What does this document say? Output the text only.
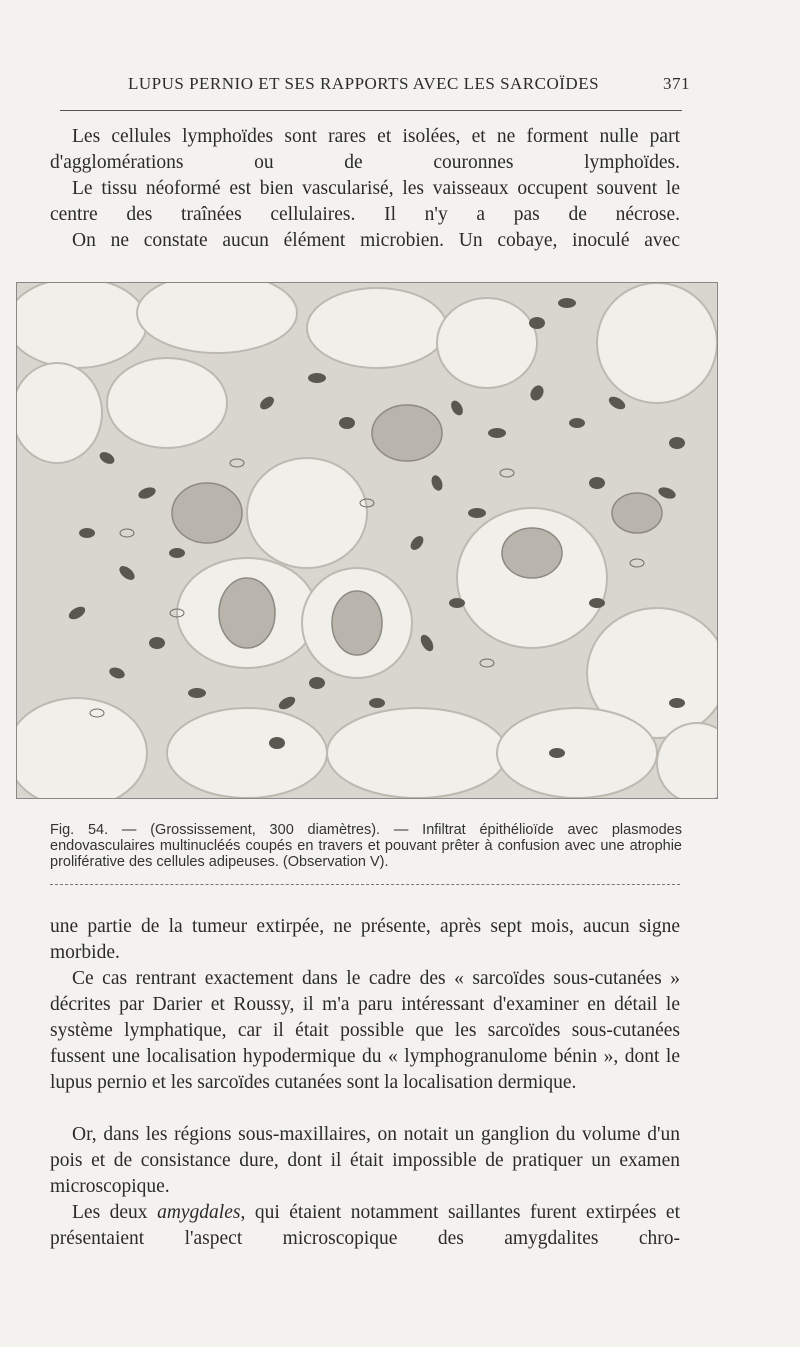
LUPUS PERNIO ET SES RAPPORTS AVEC LES SARCOÏDES	371

Les cellules lymphoïdes sont rares et isolées, et ne forment nulle part d'agglomérations ou de couronnes lymphoïdes.

Le tissu néoformé est bien vascularisé, les vaisseaux occupent souvent le centre des traînées cellulaires. Il n'y a pas de nécrose.

On ne constate aucun élément microbien. Un cobaye, inoculé avec

Fig. 54. — (Grossissement, 300 diamètres). — Infiltrat épithélioïde avec plasmodes endovasculaires multinucléés coupés en travers et pouvant prêter à confusion avec une atrophie proliférative des cellules adipeuses. (Observation V).

une partie de la tumeur extirpée, ne présente, après sept mois, aucun signe morbide.

Ce cas rentrant exactement dans le cadre des « sarcoïdes sous-cutanées » décrites par Darier et Roussy, il m'a paru intéressant d'examiner en détail le système lymphatique, car il était possible que les sarcoïdes sous-cutanées fussent une localisation hypodermique du « lymphogranulome bénin », dont le lupus pernio et les sarcoïdes cutanées sont la localisation dermique.

Or, dans les régions sous-maxillaires, on notait un ganglion du volume d'un pois et de consistance dure, dont il était impossible de pratiquer un examen microscopique.

Les deux amygdales, qui étaient notamment saillantes furent extirpées et présentaient l'aspect microscopique des amygdalites chro-
